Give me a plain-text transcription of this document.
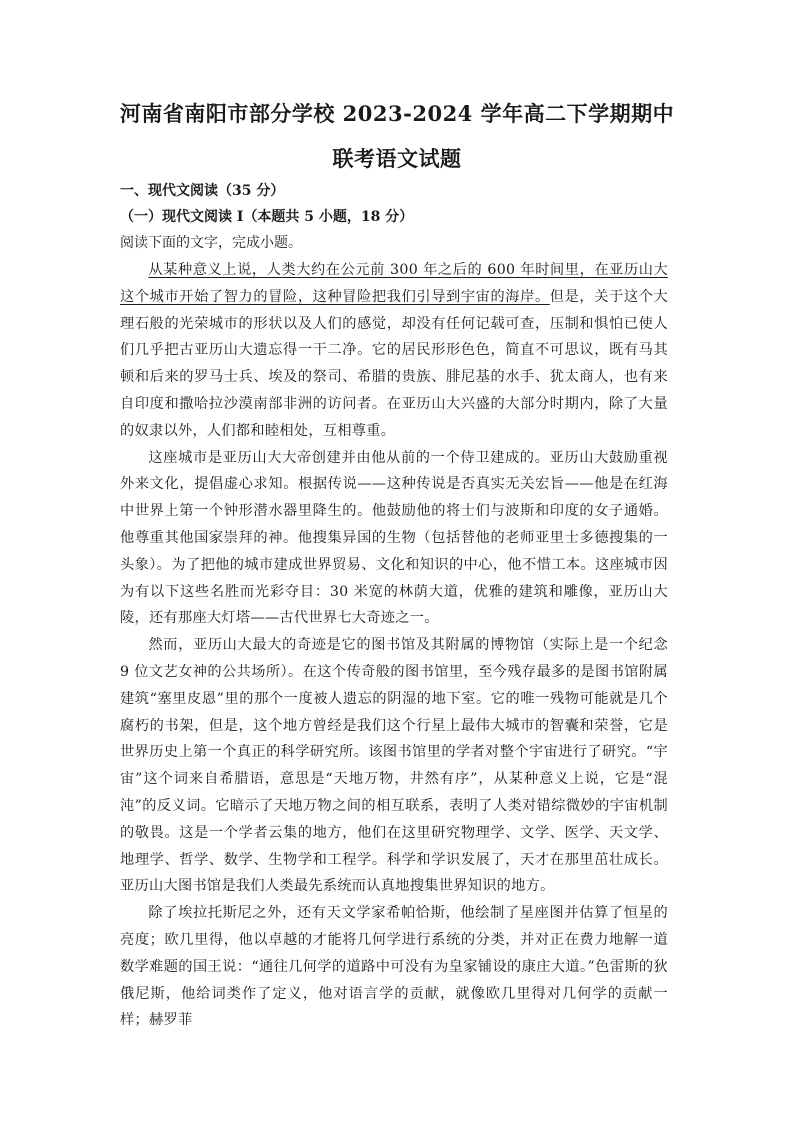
河南省南阳市部分学校 2023-2024 学年高二下学期期中
联考语文试题

一、现代文阅读（35 分）

（一）现代文阅读 I（本题共 5 小题，18 分）

阅读下面的文字，完成小题。

从某种意义上说，人类大约在公元前 300 年之后的 600 年时间里，在亚历山大这个城市开始了智力的冒险，这种冒险把我们引导到宇宙的海岸。但是，关于这个大理石般的光荣城市的形状以及人们的感觉，却没有任何记载可查，压制和惧怕已使人们几乎把古亚历山大遗忘得一干二净。它的居民形形色色，简直不可思议，既有马其顿和后来的罗马士兵、埃及的祭司、希腊的贵族、腓尼基的水手、犹太商人，也有来自印度和撒哈拉沙漠南部非洲的访问者。在亚历山大兴盛的大部分时期内，除了大量的奴隶以外，人们都和睦相处，互相尊重。

这座城市是亚历山大大帝创建并由他从前的一个侍卫建成的。亚历山大鼓励重视外来文化，提倡虚心求知。根据传说——这种传说是否真实无关宏旨——他是在红海中世界上第一个钟形潜水器里降生的。他鼓励他的将士们与波斯和印度的女子通婚。他尊重其他国家崇拜的神。他搜集异国的生物（包括替他的老师亚里士多德搜集的一头象）。为了把他的城市建成世界贸易、文化和知识的中心，他不惜工本。这座城市因为有以下这些名胜而光彩夺目：30 米宽的林荫大道，优雅的建筑和雕像，亚历山大陵，还有那座大灯塔——古代世界七大奇迹之一。

然而，亚历山大最大的奇迹是它的图书馆及其附属的博物馆（实际上是一个纪念 9 位文艺女神的公共场所）。在这个传奇般的图书馆里，至今残存最多的是图书馆附属建筑“塞里皮恩”里的那个一度被人遗忘的阴湿的地下室。它的唯一残物可能就是几个腐朽的书架，但是，这个地方曾经是我们这个行星上最伟大城市的智囊和荣誉，它是世界历史上第一个真正的科学研究所。该图书馆里的学者对整个宇宙进行了研究。“宇宙”这个词来自希腊语，意思是“天地万物，井然有序”，从某种意义上说，它是“混沌”的反义词。它暗示了天地万物之间的相互联系，表明了人类对错综微妙的宇宙机制的敬畏。这是一个学者云集的地方，他们在这里研究物理学、文学、医学、天文学、地理学、哲学、数学、生物学和工程学。科学和学识发展了，天才在那里茁壮成长。亚历山大图书馆是我们人类最先系统而认真地搜集世界知识的地方。

除了埃拉托斯尼之外，还有天文学家希帕恰斯，他绘制了星座图并估算了恒星的亮度；欧几里得，他以卓越的才能将几何学进行系统的分类，并对正在费力地解一道数学难题的国王说：“通往几何学的道路中可没有为皇家铺设的康庄大道。”色雷斯的狄俄尼斯，他给词类作了定义，他对语言学的贡献，就像欧几里得对几何学的贡献一样；赫罗菲
